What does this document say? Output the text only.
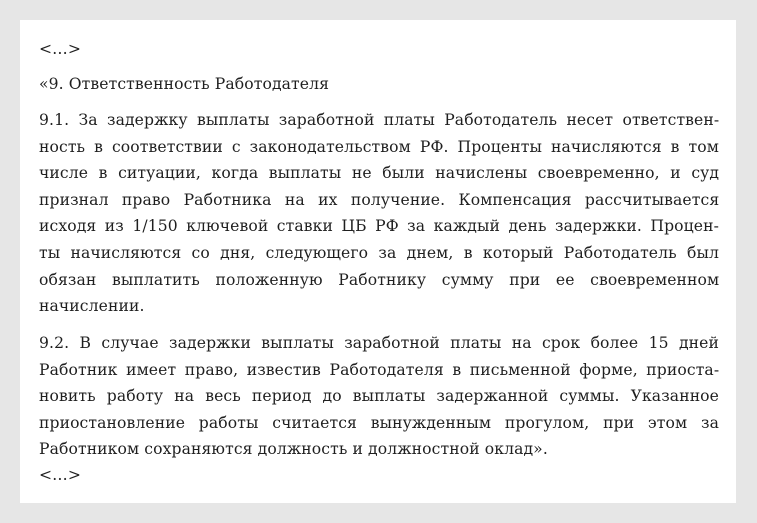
<…>
«9. Ответственность Работодателя
9.1. За задержку выплаты заработной платы Работодатель несет ответствен-
ность в соответствии с законодательством РФ. Проценты начисляются в том
числе в ситуации, когда выплаты не были начислены своевременно, и суд
признал право Работника на их получение. Компенсация рассчитывается
исходя из 1/150 ключевой ставки ЦБ РФ за каждый день задержки. Процен-
ты начисляются со дня, следующего за днем, в который Работодатель был
обязан выплатить положенную Работнику сумму при ее своевременном
начислении.
9.2. В случае задержки выплаты заработной платы на срок более 15 дней
Работник имеет право, известив Работодателя в письменной форме, приоста-
новить работу на весь период до выплаты задержанной суммы. Указанное
приостановление работы считается вынужденным прогулом, при этом за
Работником сохраняются должность и должностной оклад».
<…>
